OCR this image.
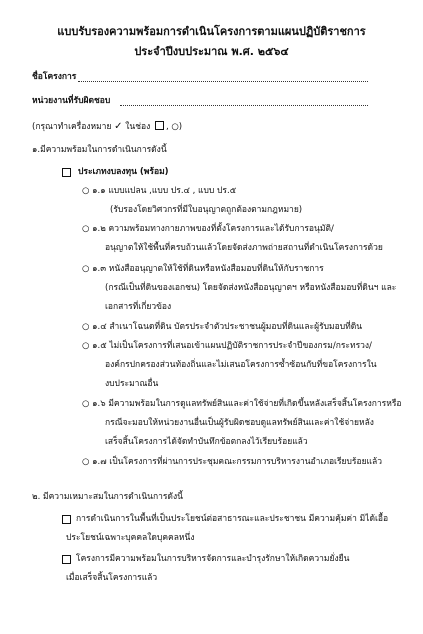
แบบรับรองความพร้อมการดำเนินโครงการตามแผนปฏิบัติราชการ
ประจำปีงบประมาณ พ.ศ. ๒๕๖๔
ชื่อโครงการ
หน่วยงานที่รับผิดชอบ
(กรุณาทำเครื่องหมาย ✓ ในช่อง , ○)
๑.มีความพร้อมในการดำเนินการดังนี้
ประเภทงบลงทุน (พร้อม)
○ ๑.๑ แบบแปลน ,แบบ ปร.๔ , แบบ ปร.๕
(รับรองโดยวิศวกรที่มีใบอนุญาตถูกต้องตามกฎหมาย)
○ ๑.๒ ความพร้อมทางกายภาพของที่ตั้งโครงการและได้รับการอนุมัติ/
อนุญาตให้ใช้พื้นที่ครบถ้วนแล้วโดยจัดส่งภาพถ่ายสถานที่ดำเนินโครงการด้วย
○ ๑.๓ หนังสืออนุญาตให้ใช้ที่ดินหรือหนังสือมอบที่ดินให้กับราชการ
(กรณีเป็นที่ดินของเอกชน) โดยจัดส่งหนังสืออนุญาตฯ หรือหนังสือมอบที่ดินฯ และ
เอกสารที่เกี่ยวข้อง
○ ๑.๔ สำเนาโฉนดที่ดิน บัตรประจำตัวประชาชนผู้มอบที่ดินและผู้รับมอบที่ดิน
○ ๑.๕ ไม่เป็นโครงการที่เสนอเข้าแผนปฏิบัติราชการประจำปีของกรม/กระทรวง/
องค์กรปกครองส่วนท้องถิ่นและไม่เสนอโครงการซ้ำซ้อนกับที่ขอโครงการใน
งบประมาณอื่น
○ ๑.๖ มีความพร้อมในการดูแลทรัพย์สินและค่าใช้จ่ายที่เกิดขึ้นหลังเสร็จสิ้นโครงการหรือ
กรณีจะมอบให้หน่วยงานอื่นเป็นผู้รับผิดชอบดูแลทรัพย์สินและค่าใช้จ่ายหลัง
เสร็จสิ้นโครงการได้จัดทำบันทึกข้อตกลงไว้เรียบร้อยแล้ว
○ ๑.๗ เป็นโครงการที่ผ่านการประชุมคณะกรรมการบริหารงานอำเภอเรียบร้อยแล้ว
๒. มีความเหมาะสมในการดำเนินการดังนี้
การดำเนินการในพื้นที่เป็นประโยชน์ต่อสาธารณะและประชาชน มีความคุ้มค่า มิได้เอื้อ
ประโยชน์เฉพาะบุคคลใดบุคคลหนึ่ง
โครงการมีความพร้อมในการบริหารจัดการและบำรุงรักษาให้เกิดความยั่งยืน
เมื่อเสร็จสิ้นโครงการแล้ว
